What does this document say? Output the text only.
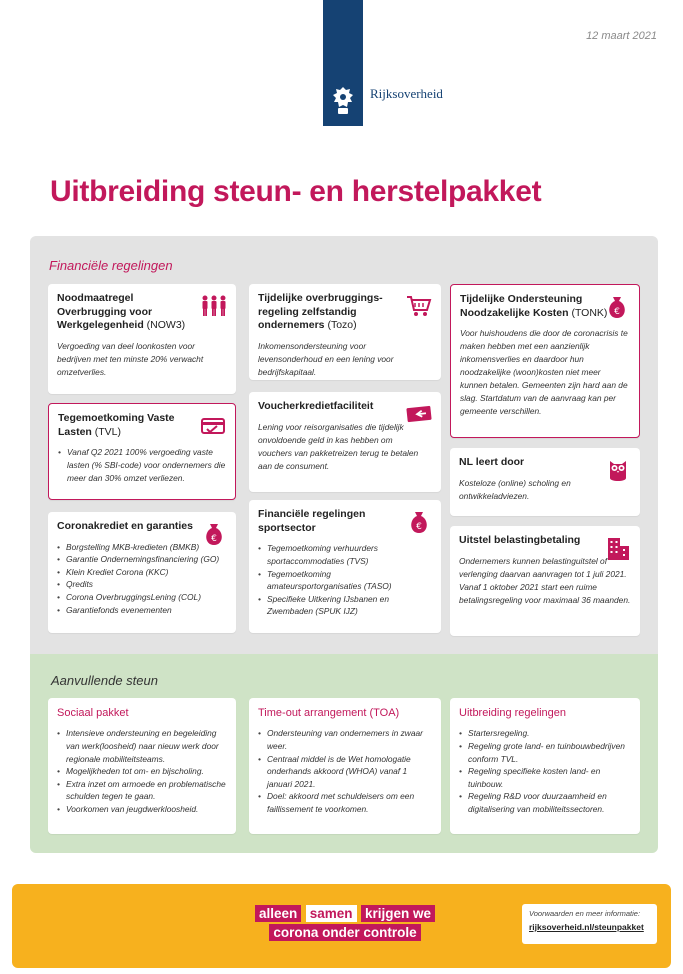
Rijksoverheid
12 maart 2021
Uitbreiding steun- en herstelpakket
Financiële regelingen
Aanvullende steun
Noodmaatregel Overbrugging voor Werkgelegenheid (NOW3)
Vergoeding van deel loonkosten voor bedrijven met ten minste 20% verwacht omzetverlies.
Tegemoetkoming Vaste Lasten (TVL)
• Vanaf Q2 2021 100% vergoeding vaste lasten (% SBI-code) voor ondernemers die meer dan 30% omzet verliezen.
Coronakrediet en garanties
• Borgstelling MKB-kredieten (BMKB)
• Garantie Ondernemingsfinanciering (GO)
• Klein Krediet Corona (KKC)
• Qredits
• Corona OverbruggingsLening (COL)
• Garantiefonds evenementen
€
Tijdelijke overbruggings-regeling zelfstandig ondernemers (Tozo)
Inkomensondersteuning voor levensonderhoud en een lening voor bedrijfskapitaal.
Voucherkredietfaciliteit
Lening voor reisorganisaties die tijdelijk onvoldoende geld in kas hebben om vouchers van pakketreizen terug te betalen aan de consument.
Financiële regelingen sportsector
• Tegemoetkoming verhuurders sportaccommodaties (TVS)
• Tegemoetkoming amateursportorganisaties (TASO)
• Specifieke Uitkering IJsbanen en Zwembaden (SPUK IJZ)
€
Tijdelijke Ondersteuning Noodzakelijke Kosten (TONK)
Voor huishoudens die door de coronacrisis te maken hebben met een aanzienlijk inkomensverlies en daardoor hun noodzakelijke (woon)kosten niet meer kunnen betalen. Gemeenten zijn hard aan de slag. Startdatum van de aanvraag kan per gemeente verschillen.
€
NL leert door
Kosteloze (online) scholing en ontwikkeladviezen.
Uitstel belastingbetaling
Ondernemers kunnen belastinguitstel of verlenging daarvan aanvragen tot 1 juli 2021. Vanaf 1 oktober 2021 start een ruime betalingsregeling voor maximaal 36 maanden.
Sociaal pakket
• Intensieve ondersteuning en begeleiding van werk(loosheid) naar nieuw werk door regionale mobiliteitsteams.
• Mogelijkheden tot om- en bijscholing.
• Extra inzet om armoede en problematische schulden tegen te gaan.
• Voorkomen van jeugdwerkloosheid.
Time-out arrangement (TOA)
• Ondersteuning van ondernemers in zwaar weer.
• Centraal middel is de Wet homologatie onderhands akkoord (WHOA) vanaf 1 januari 2021.
• Doel: akkoord met schuldeisers om een faillissement te voorkomen.
Uitbreiding regelingen
• Startersregeling.
• Regeling grote land- en tuinbouwbedrijven conform TVL.
• Regeling specifieke kosten land- en tuinbouw.
• Regeling R&D voor duurzaamheid en digitalisering van mobiliteitssectoren.
alleen samen krijgen we
corona onder controle
Voorwaarden en meer informatie:
rijksoverheid.nl/steunpakket
